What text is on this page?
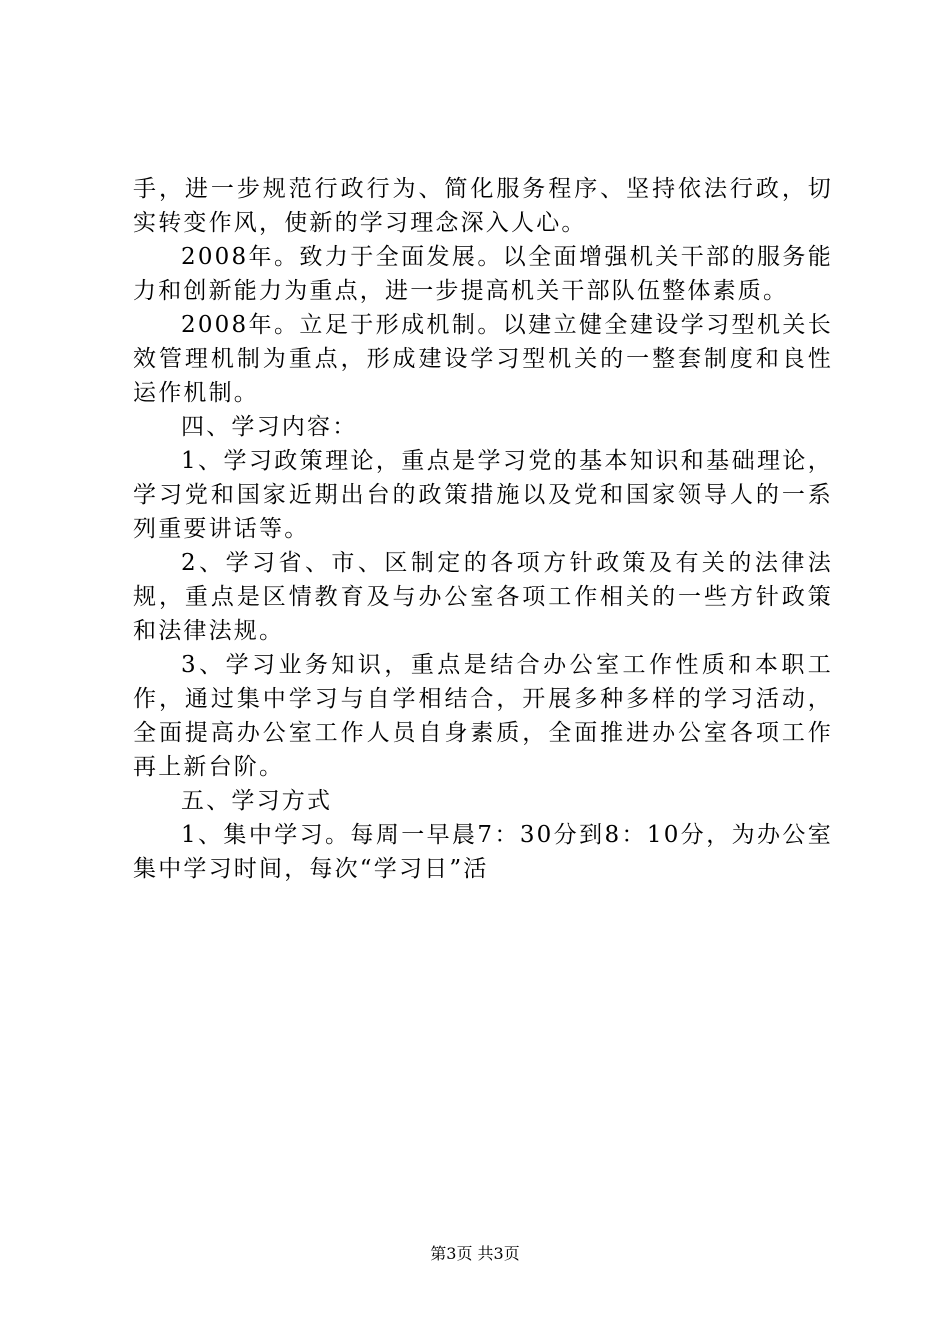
手，进一步规范行政行为、简化服务程序、坚持依法行政，切实转变作风，使新的学习理念深入人心。

2008年。致力于全面发展。以全面增强机关干部的服务能力和创新能力为重点，进一步提高机关干部队伍整体素质。

2008年。立足于形成机制。以建立健全建设学习型机关长效管理机制为重点，形成建设学习型机关的一整套制度和良性运作机制。

四、学习内容：

1、学习政策理论，重点是学习党的基本知识和基础理论，学习党和国家近期出台的政策措施以及党和国家领导人的一系列重要讲话等。

2、学习省、市、区制定的各项方针政策及有关的法律法规，重点是区情教育及与办公室各项工作相关的一些方针政策和法律法规。

3、学习业务知识，重点是结合办公室工作性质和本职工作，通过集中学习与自学相结合，开展多种多样的学习活动，全面提高办公室工作人员自身素质，全面推进办公室各项工作再上新台阶。

五、学习方式

1、集中学习。每周一早晨7：30分到8：10分，为办公室集中学习时间，每次“学习日”活

第3页 共3页
